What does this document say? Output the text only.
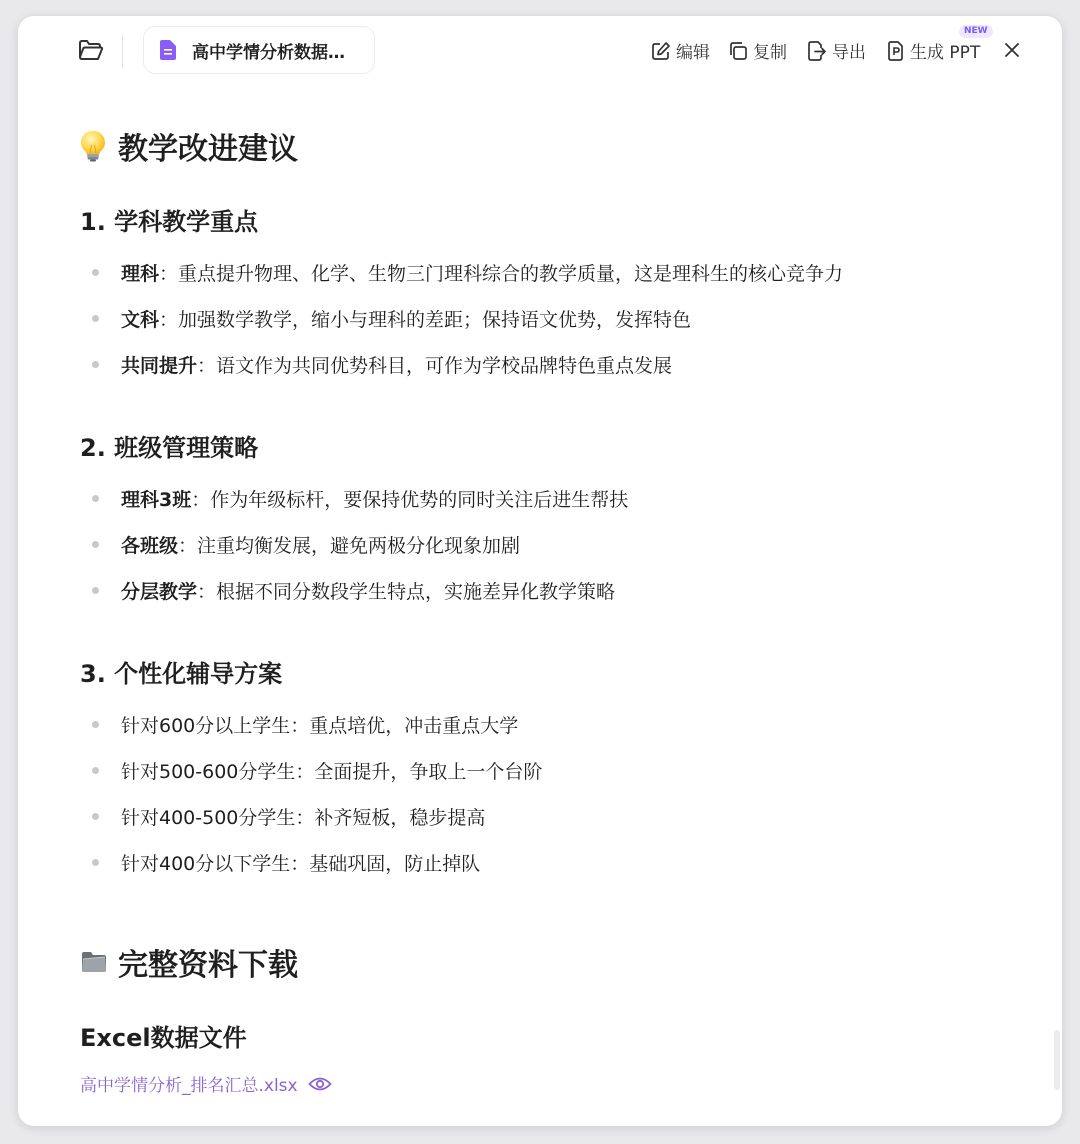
高中学情分析数据…	编辑	复制	导出	生成 PPT
NEW
教学改进建议
1. 学科教学重点
理科 ： 重点提升物理、化学、生物三门理科综合的教学质量，这是理科生的核心竞争力
文科 ： 加强数学教学，缩小与理科的差距；保持语文优势，发挥特色
共同提升 ： 语文作为共同优势科目，可作为学校品牌特色重点发展
2. 班级管理策略
理科3班 ： 作为年级标杆，要保持优势的同时关注后进生帮扶
各班级 ： 注重均衡发展，避免两极分化现象加剧
分层教学 ： 根据不同分数段学生特点，实施差异化教学策略
3. 个性化辅导方案
针对600分以上学生：重点培优，冲击重点大学
针对500-600分学生：全面提升，争取上一个台阶
针对400-500分学生：补齐短板，稳步提高
针对400分以下学生：基础巩固，防止掉队
完整资料下载
Excel数据文件
高中学情分析_排名汇总.xlsx
